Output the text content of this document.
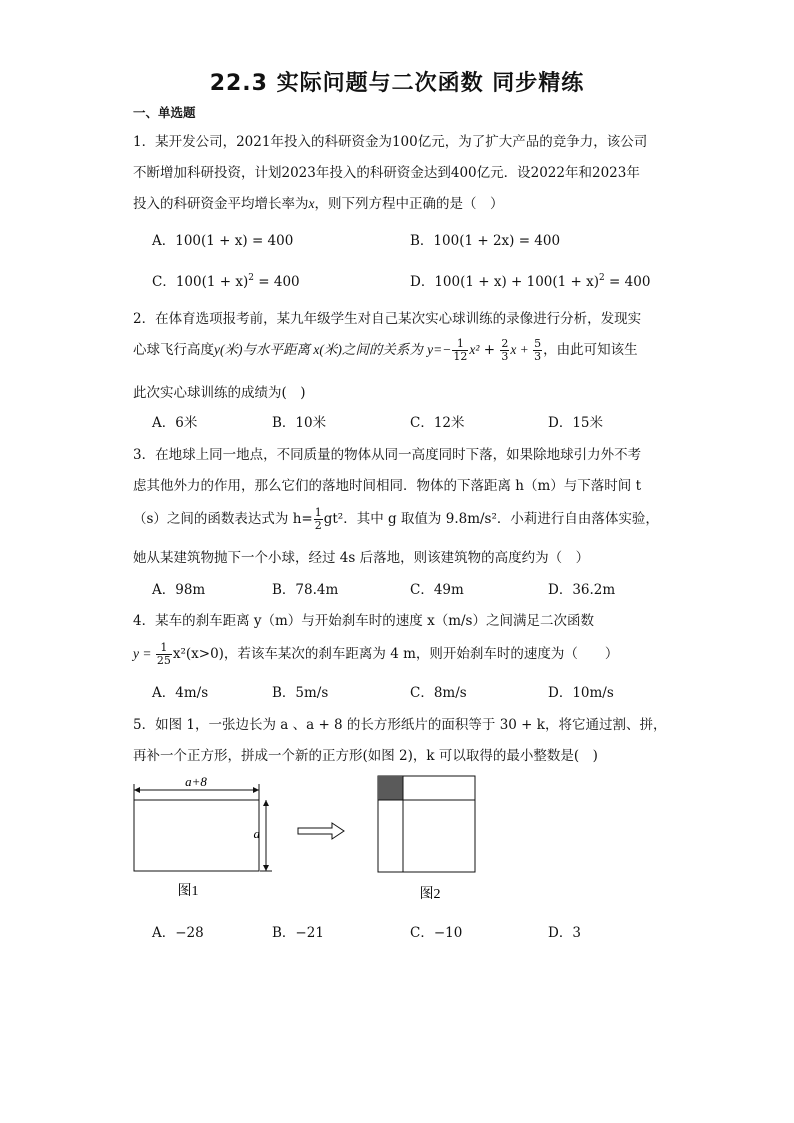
22.3 实际问题与二次函数 同步精练
一、单选题
1．某开发公司，2021年投入的科研资金为100亿元，为了扩大产品的竞争力，该公司
不断增加科研投资，计划2023年投入的科研资金达到400亿元．设2022年和2023年
投入的科研资金平均增长率为x，则下列方程中正确的是（　）
A．100(1 + x) = 400	B．100(1 + 2x) = 400
C．$100(1 + x)^2 = 400$	D．$100(1 + x) + 100(1 + x)^2 = 400$
2．在体育选项报考前，某九年级学生对自己某次实心球训练的录像进行分析，发现实
心球飞行高度y(米)与水平距离 x(米)之间的关系为 $y=- \frac{1}{12} x^2 + \frac{2}{3}$ $x + \frac{5}{3}$ ，由此可知该生
此次实心球训练的成绩为(　)
A．6米	B．10米	C．12米	D．15米
3．在地球上同一地点，不同质量的物体从同一高度同时下落，如果除地球引力外不考
虑其他外力的作用，那么它们的落地时间相同．物体的下落距离 h（m）与下落时间 t
（s）之间的函数表达式为 $h= \frac{1}{2} gt^2$．其中 g 取值为 9.8m/s²．小莉进行自由落体实验，
她从某建筑物抛下一个小球，经过 4s 后落地，则该建筑物的高度约为（　）
A．98m	B．78.4m	C．49m	D．36.2m
4．某车的刹车距离 y（m）与开始刹车时的速度 x（m/s）之间满足二次函数
$y = \frac{1}{25} x^2(x>0)$，若该车某次的刹车距离为 4 m，则开始刹车时的速度为（　　）
A．4m/s	B．5m/s	C．8m/s	D．10m/s
5．如图 1，一张边长为 a 、a + 8 的长方形纸片的面积等于 30 + k，将它通过割、拼，
再补一个正方形，拼成一个新的正方形(如图 2)，k 可以取得的最小整数是(　)
a+8
a
图1	图2
A．−28	B．−21	C．−10	D．3
